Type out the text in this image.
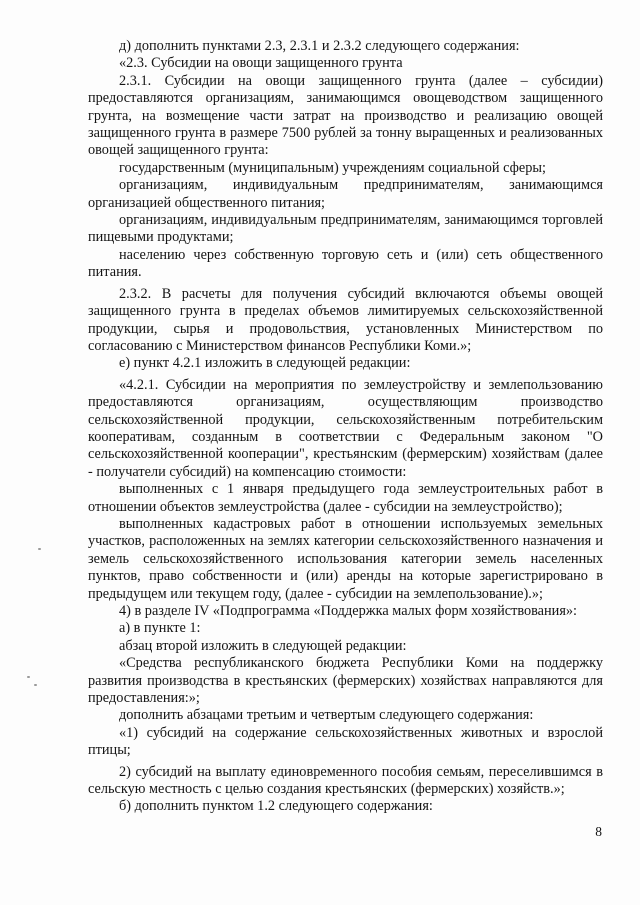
д) дополнить пунктами 2.3, 2.3.1 и 2.3.2 следующего содержания:

«2.3. Субсидии на овощи защищенного грунта

2.3.1. Субсидии на овощи защищенного грунта (далее – субсидии) предоставляются организациям, занимающимся овощеводством защищенного грунта, на возмещение части затрат на производство и реализацию овощей защищенного грунта в размере 7500 рублей за тонну выращенных и реализованных овощей защищенного грунта:

государственным (муниципальным) учреждениям социальной сферы;

организациям, индивидуальным предпринимателям, занимающимся организацией общественного питания;

организациям, индивидуальным предпринимателям, занимающимся торговлей пищевыми продуктами;

населению через собственную торговую сеть и (или) сеть общественного питания.

2.3.2. В расчеты для получения субсидий включаются объемы овощей защищенного грунта в пределах объемов лимитируемых сельскохозяйственной продукции, сырья и продовольствия, установленных Министерством по согласованию с Министерством финансов Республики Коми.»;

е) пункт 4.2.1 изложить в следующей редакции:

«4.2.1. Субсидии на мероприятия по землеустройству и землепользованию предоставляются организациям, осуществляющим производство сельскохозяйственной продукции, сельскохозяйственным потребительским кооперативам, созданным в соответствии с Федеральным законом "О сельскохозяйственной кооперации", крестьянским (фермерским) хозяйствам (далее - получатели субсидий) на компенсацию стоимости:

выполненных с 1 января предыдущего года землеустроительных работ в отношении объектов землеустройства (далее - субсидии на землеустройство);

выполненных кадастровых работ в отношении используемых земельных участков, расположенных на землях категории сельскохозяйственного назначения и земель сельскохозяйственного использования категории земель населенных пунктов, право собственности и (или) аренды на которые зарегистрировано в предыдущем или текущем году, (далее - субсидии на землепользование).»;

4) в разделе IV «Подпрограмма «Поддержка малых форм хозяйствования»:

а) в пункте 1:

абзац второй изложить в следующей редакции:

«Средства республиканского бюджета Республики Коми на поддержку развития производства в крестьянских (фермерских) хозяйствах направляются для предоставления:»;

дополнить абзацами третьим и четвертым следующего содержания:

«1) субсидий на содержание сельскохозяйственных животных и взрослой птицы;

2) субсидий на выплату единовременного пособия семьям, переселившимся в сельскую местность с целью создания крестьянских (фермерских) хозяйств.»;

б) дополнить пунктом 1.2 следующего содержания:

8
